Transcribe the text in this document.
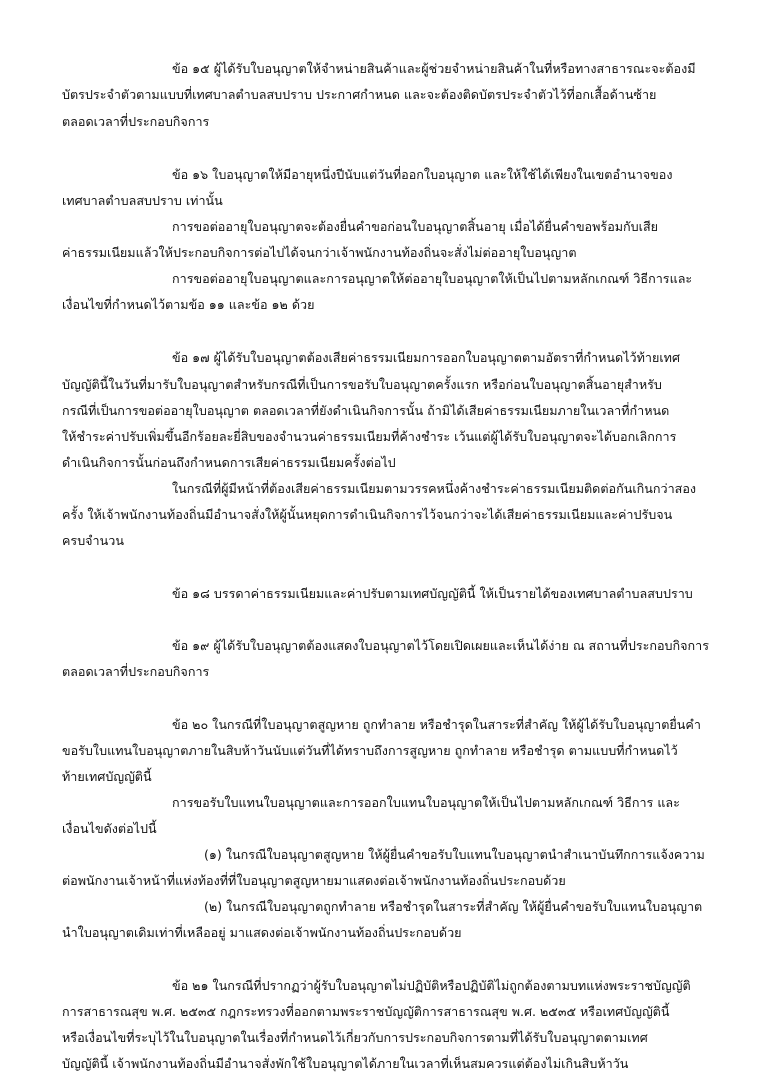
ข้อ ๑๕ ผู้ได้รับใบอนุญาตให้จำหน่ายสินค้าและผู้ช่วยจำหน่ายสินค้าในที่หรือทางสาธารณะจะต้องมี
บัตรประจำตัวตามแบบที่เทศบาลตำบลสบปราบ ประกาศกำหนด และจะต้องติดบัตรประจำตัวไว้ที่อกเสื้อด้านซ้าย
ตลอดเวลาที่ประกอบกิจการ
ข้อ ๑๖ ใบอนุญาตให้มีอายุหนึ่งปีนับแต่วันที่ออกใบอนุญาต และให้ใช้ได้เพียงในเขตอำนาจของ
เทศบาลตำบลสบปราบ เท่านั้น
การขอต่ออายุใบอนุญาตจะต้องยื่นคำขอก่อนใบอนุญาตสิ้นอายุ เมื่อได้ยื่นคำขอพร้อมกับเสีย
ค่าธรรมเนียมแล้วให้ประกอบกิจการต่อไปได้จนกว่าเจ้าพนักงานท้องถิ่นจะสั่งไม่ต่ออายุใบอนุญาต
การขอต่ออายุใบอนุญาตและการอนุญาตให้ต่ออายุใบอนุญาตให้เป็นไปตามหลักเกณฑ์ วิธีการและ
เงื่อนไขที่กำหนดไว้ตามข้อ ๑๑ และข้อ ๑๒ ด้วย
ข้อ ๑๗ ผู้ได้รับใบอนุญาตต้องเสียค่าธรรมเนียมการออกใบอนุญาตตามอัตราที่กำหนดไว้ท้ายเทศ
บัญญัตินี้ในวันที่มารับใบอนุญาตสำหรับกรณีที่เป็นการขอรับใบอนุญาตครั้งแรก หรือก่อนใบอนุญาตสิ้นอายุสำหรับ
กรณีที่เป็นการขอต่ออายุใบอนุญาต ตลอดเวลาที่ยังดำเนินกิจการนั้น ถ้ามิได้เสียค่าธรรมเนียมภายในเวลาที่กำหนด
ให้ชำระค่าปรับเพิ่มขึ้นอีกร้อยละยี่สิบของจำนวนค่าธรรมเนียมที่ค้างชำระ เว้นแต่ผู้ได้รับใบอนุญาตจะได้บอกเลิกการ
ดำเนินกิจการนั้นก่อนถึงกำหนดการเสียค่าธรรมเนียมครั้งต่อไป
ในกรณีที่ผู้มีหน้าที่ต้องเสียค่าธรรมเนียมตามวรรคหนึ่งค้างชำระค่าธรรมเนียมติดต่อกันเกินกว่าสอง
ครั้ง ให้เจ้าพนักงานท้องถิ่นมีอำนาจสั่งให้ผู้นั้นหยุดการดำเนินกิจการไว้จนกว่าจะได้เสียค่าธรรมเนียมและค่าปรับจน
ครบจำนวน
ข้อ ๑๘ บรรดาค่าธรรมเนียมและค่าปรับตามเทศบัญญัตินี้ ให้เป็นรายได้ของเทศบาลตำบลสบปราบ
ข้อ ๑๙ ผู้ได้รับใบอนุญาตต้องแสดงใบอนุญาตไว้โดยเปิดเผยและเห็นได้ง่าย ณ สถานที่ประกอบกิจการ
ตลอดเวลาที่ประกอบกิจการ
ข้อ ๒๐ ในกรณีที่ใบอนุญาตสูญหาย ถูกทำลาย หรือชำรุดในสาระที่สำคัญ ให้ผู้ได้รับใบอนุญาตยื่นคำ
ขอรับใบแทนใบอนุญาตภายในสิบห้าวันนับแต่วันที่ได้ทราบถึงการสูญหาย ถูกทำลาย หรือชำรุด ตามแบบที่กำหนดไว้
ท้ายเทศบัญญัตินี้
การขอรับใบแทนใบอนุญาตและการออกใบแทนใบอนุญาตให้เป็นไปตามหลักเกณฑ์ วิธีการ และ
เงื่อนไขดังต่อไปนี้
(๑) ในกรณีใบอนุญาตสูญหาย ให้ผู้ยื่นคำขอรับใบแทนใบอนุญาตนำสำเนาบันทึกการแจ้งความ
ต่อพนักงานเจ้าหน้าที่แห่งท้องที่ที่ใบอนุญาตสูญหายมาแสดงต่อเจ้าพนักงานท้องถิ่นประกอบด้วย
(๒) ในกรณีใบอนุญาตถูกทำลาย หรือชำรุดในสาระที่สำคัญ ให้ผู้ยื่นคำขอรับใบแทนใบอนุญาต
นำใบอนุญาตเดิมเท่าที่เหลืออยู่ มาแสดงต่อเจ้าพนักงานท้องถิ่นประกอบด้วย
ข้อ ๒๑ ในกรณีที่ปรากฏว่าผู้รับใบอนุญาตไม่ปฏิบัติหรือปฏิบัติไม่ถูกต้องตามบทแห่งพระราชบัญญัติ
การสาธารณสุข พ.ศ. ๒๕๓๕ กฎกระทรวงที่ออกตามพระราชบัญญัติการสาธารณสุข พ.ศ. ๒๕๓๕ หรือเทศบัญญัตินี้
หรือเงื่อนไขที่ระบุไว้ในใบอนุญาตในเรื่องที่กำหนดไว้เกี่ยวกับการประกอบกิจการตามที่ได้รับใบอนุญาตตามเทศ
บัญญัตินี้ เจ้าพนักงานท้องถิ่นมีอำนาจสั่งพักใช้ใบอนุญาตได้ภายในเวลาที่เห็นสมควรแต่ต้องไม่เกินสิบห้าวัน
